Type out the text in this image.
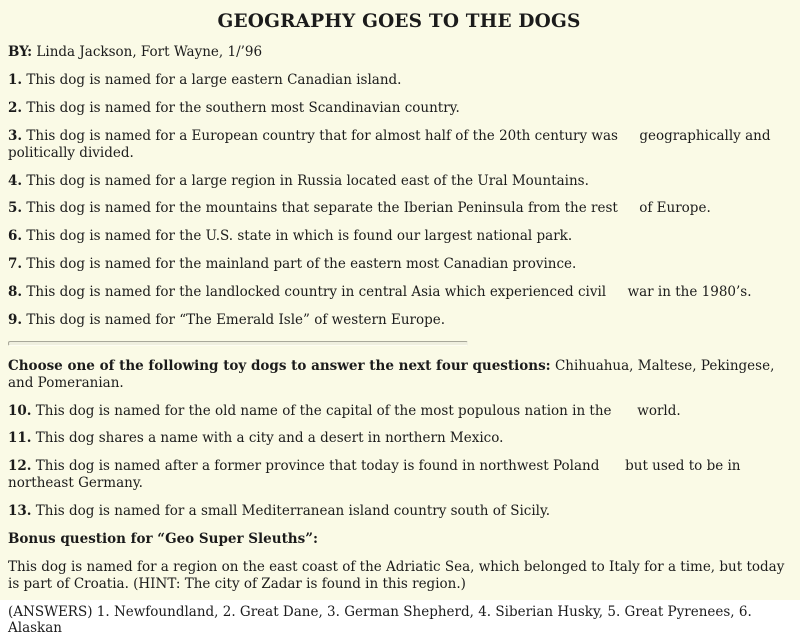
GEOGRAPHY GOES TO THE DOGS

BY: Linda Jackson, Fort Wayne, 1/’96

1. This dog is named for a large eastern Canadian island.

2. This dog is named for the southern most Scandinavian country.

3. This dog is named for a European country that for almost half of the 20th century was     geographically and politically divided.

4. This dog is named for a large region in Russia located east of the Ural Mountains.

5. This dog is named for the mountains that separate the Iberian Peninsula from the rest     of Europe.

6. This dog is named for the U.S. state in which is found our largest national park.

7. This dog is named for the mainland part of the eastern most Canadian province.

8. This dog is named for the landlocked country in central Asia which experienced civil     war in the 1980’s.

9. This dog is named for “The Emerald Isle” of western Europe.

Choose one of the following toy dogs to answer the next four questions: Chihuahua, Maltese, Pekingese, and Pomeranian.

10. This dog is named for the old name of the capital of the most populous nation in the      world.

11. This dog shares a name with a city and a desert in northern Mexico.

12. This dog is named after a former province that today is found in northwest Poland      but used to be in northeast Germany.

13. This dog is named for a small Mediterranean island country south of Sicily.

Bonus question for “Geo Super Sleuths”:

This dog is named for a region on the east coast of the Adriatic Sea, which belonged to Italy for a time, but today is part of Croatia. (HINT: The city of Zadar is found in this region.)

(ANSWERS) 1. Newfoundland, 2. Great Dane, 3. German Shepherd, 4. Siberian Husky, 5. Great Pyrenees, 6. Alaskan
